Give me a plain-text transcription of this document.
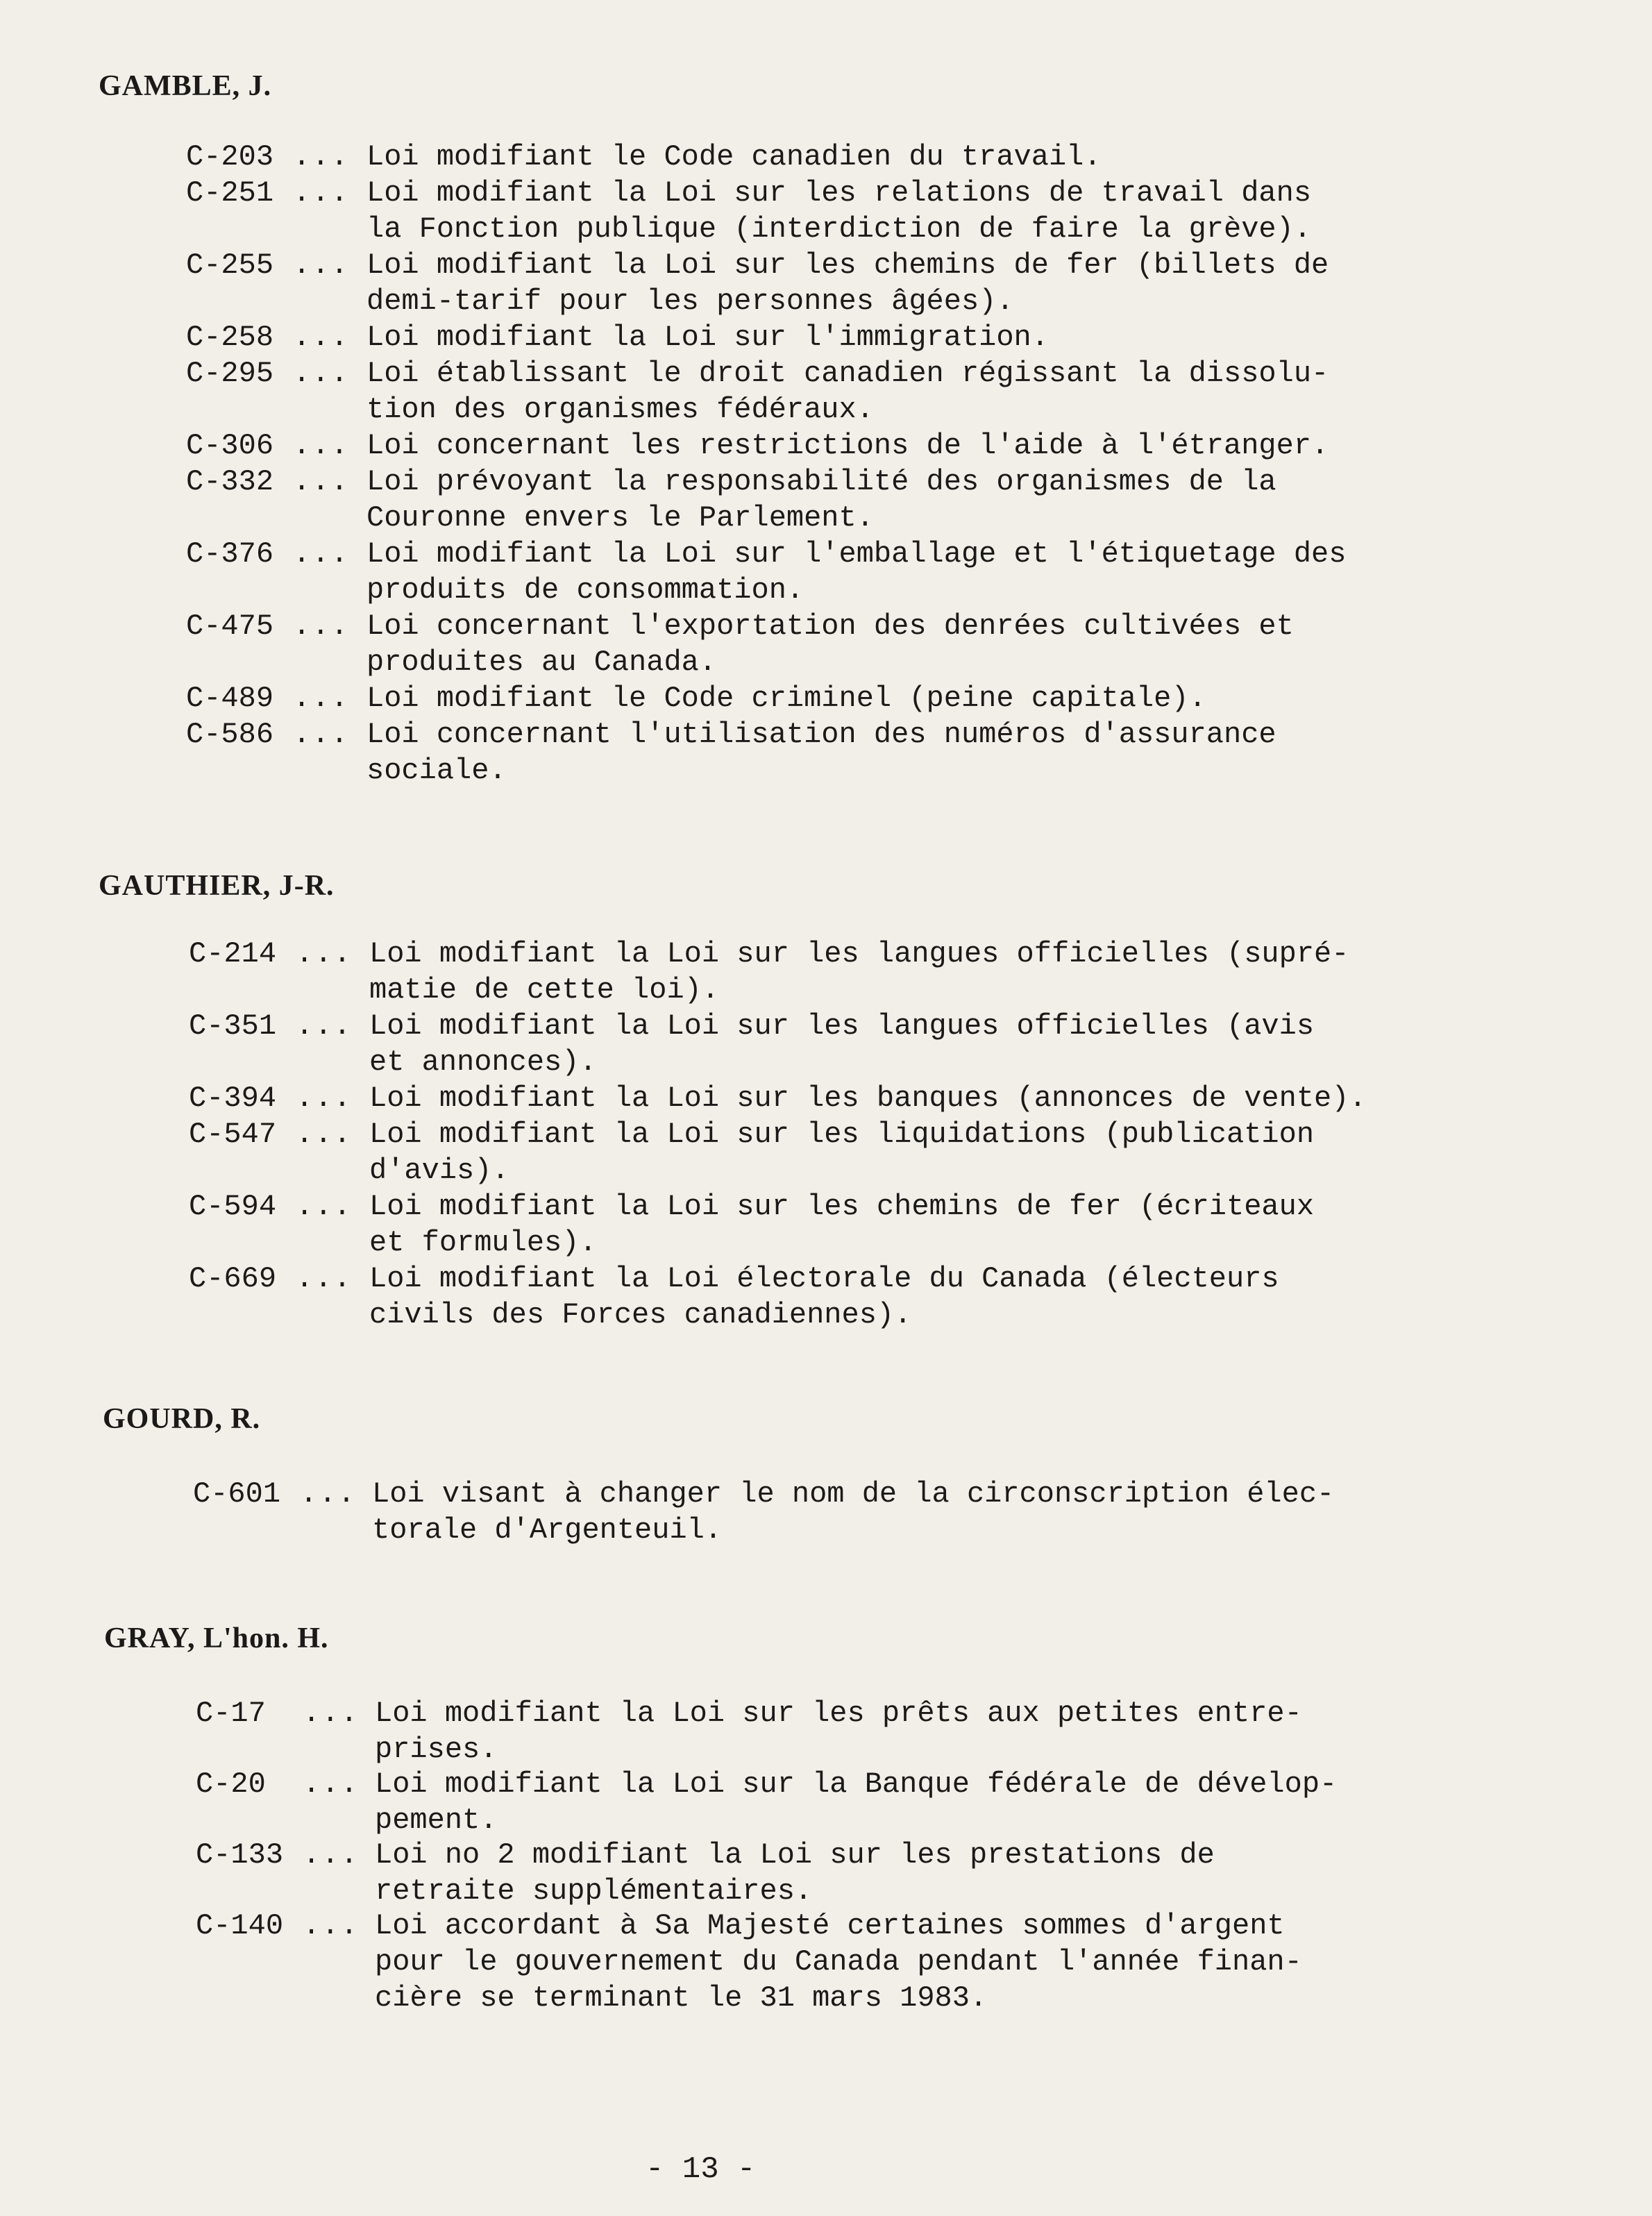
GAMBLE, J.
C-203 ... Loi modifiant le Code canadien du travail.
C-251 ... Loi modifiant la Loi sur les relations de travail dans
la Fonction publique (interdiction de faire la grève).
C-255 ... Loi modifiant la Loi sur les chemins de fer (billets de
demi-tarif pour les personnes âgées).
C-258 ... Loi modifiant la Loi sur l'immigration.
C-295 ... Loi établissant le droit canadien régissant la dissolu-
tion des organismes fédéraux.
C-306 ... Loi concernant les restrictions de l'aide à l'étranger.
C-332 ... Loi prévoyant la responsabilité des organismes de la
Couronne envers le Parlement.
C-376 ... Loi modifiant la Loi sur l'emballage et l'étiquetage des
produits de consommation.
C-475 ... Loi concernant l'exportation des denrées cultivées et
produites au Canada.
C-489 ... Loi modifiant le Code criminel (peine capitale).
C-586 ... Loi concernant l'utilisation des numéros d'assurance
sociale.
GAUTHIER, J-R.
C-214 ... Loi modifiant la Loi sur les langues officielles (supré-
matie de cette loi).
C-351 ... Loi modifiant la Loi sur les langues officielles (avis
et annonces).
C-394 ... Loi modifiant la Loi sur les banques (annonces de vente).
C-547 ... Loi modifiant la Loi sur les liquidations (publication
d'avis).
C-594 ... Loi modifiant la Loi sur les chemins de fer (écriteaux
et formules).
C-669 ... Loi modifiant la Loi électorale du Canada (électeurs
civils des Forces canadiennes).
GOURD, R.
C-601 ... Loi visant à changer le nom de la circonscription élec-
torale d'Argenteuil.
GRAY, L'hon. H.
C-17 ... Loi modifiant la Loi sur les prêts aux petites entre-
prises.
C-20 ... Loi modifiant la Loi sur la Banque fédérale de dévelop-
pement.
C-133 ... Loi no 2 modifiant la Loi sur les prestations de
retraite supplémentaires.
C-140 ... Loi accordant à Sa Majesté certaines sommes d'argent
pour le gouvernement du Canada pendant l'année finan-
cière se terminant le 31 mars 1983.
- 13 -
